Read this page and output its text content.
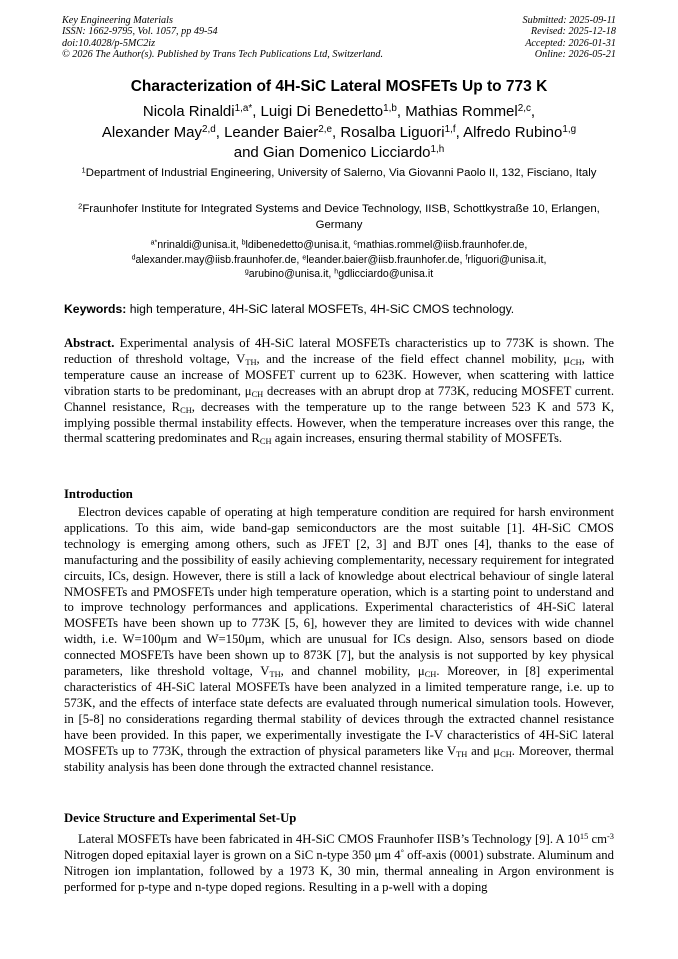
Key Engineering Materials
ISSN: 1662-9795, Vol. 1057, pp 49-54
doi:10.4028/p-5MC2iz
© 2026 The Author(s). Published by Trans Tech Publications Ltd, Switzerland.
Submitted: 2025-09-11
Revised: 2025-12-18
Accepted: 2026-01-31
Online: 2026-05-21
Characterization of 4H-SiC Lateral MOSFETs Up to 773 K
Nicola Rinaldi$^{1,a*}$, Luigi Di Benedetto$^{1,b}$, Mathias Rommel$^{2,c}$,
Alexander May$^{2,d}$, Leander Baier$^{2,e}$, Rosalba Liguori$^{1,f}$, Alfredo Rubino$^{1,g}$
and Gian Domenico Licciardo$^{1,h}$
$^1$Department of Industrial Engineering, University of Salerno, Via Giovanni Paolo II, 132, Fisciano, Italy
$^2$Fraunhofer Institute for Integrated Systems and Device Technology, IISB, Schottkystraße 10, Erlangen, Germany
$^{a*}$nrinaldi@unisa.it, $^b$ldibenedetto@unisa.it, $^c$mathias.rommel@iisb.fraunhofer.de,
$^d$alexander.may@iisb.fraunhofer.de, $^e$leander.baier@iisb.fraunhofer.de, $^f$rliguori@unisa.it,
$^g$arubino@unisa.it, $^h$gdlicciardo@unisa.it
Keywords: high temperature, 4H-SiC lateral MOSFETs, 4H-SiC CMOS technology.
Abstract. Experimental analysis of 4H-SiC lateral MOSFETs characteristics up to 773K is shown. The reduction of threshold voltage, $V_{TH}$, and the increase of the field effect channel mobility, $\mu_{CH}$, with temperature cause an increase of MOSFET current up to 623K. However, when scattering with lattice vibration starts to be predominant, $\mu_{CH}$ decreases with an abrupt drop at 773K, reducing MOSFET current. Channel resistance, $R_{CH}$, decreases with the temperature up to the range between 523 K and 573 K, implying possible thermal instability effects. However, when the temperature increases over this range, the thermal scattering predominates and $R_{CH}$ again increases, ensuring thermal stability of MOSFETs.
Introduction
Electron devices capable of operating at high temperature condition are required for harsh environment applications. To this aim, wide band-gap semiconductors are the most suitable [1]. 4H-SiC CMOS technology is emerging among others, such as JFET [2, 3] and BJT ones [4], thanks to the ease of manufacturing and the possibility of easily achieving complementarity, necessary requirement for integrated circuits, ICs, design. However, there is still a lack of knowledge about electrical behaviour of single lateral NMOSFETs and PMOSFETs under high temperature operation, which is a starting point to understand and to improve technology performances and applications. Experimental characteristics of 4H-SiC lateral MOSFETs have been shown up to 773K [5, 6], however they are limited to devices with wide channel width, i.e. W=100μm and W=150μm, which are unusual for ICs design. Also, sensors based on diode connected MOSFETs have been shown up to 873K [7], but the analysis is not supported by key physical parameters, like threshold voltage, $V_{TH}$, and channel mobility, $\mu_{CH}$. Moreover, in [8] experimental characteristics of 4H-SiC lateral MOSFETs have been analyzed in a limited temperature range, i.e. up to 573K, and the effects of interface state defects are evaluated through numerical simulation tools. However, in [5-8] no considerations regarding thermal stability of devices through the extracted channel resistance have been provided. In this paper, we experimentally investigate the I-V characteristics of 4H-SiC lateral MOSFETs up to 773K, through the extraction of physical parameters like $V_{TH}$ and $\mu_{CH}$. Moreover, thermal stability analysis has been done through the extracted channel resistance.
Device Structure and Experimental Set-Up
Lateral MOSFETs have been fabricated in 4H-SiC CMOS Fraunhofer IISB’s Technology [9]. A $10^{15}$ $cm^{-3}$ Nitrogen doped epitaxial layer is grown on a SiC n-type 350 μm 4° off-axis (0001) substrate. Aluminum and Nitrogen ion implantation, followed by a 1973 K, 30 min, thermal annealing in Argon environment is performed for p-type and n-type doped regions. Resulting in a p-well with a doping
